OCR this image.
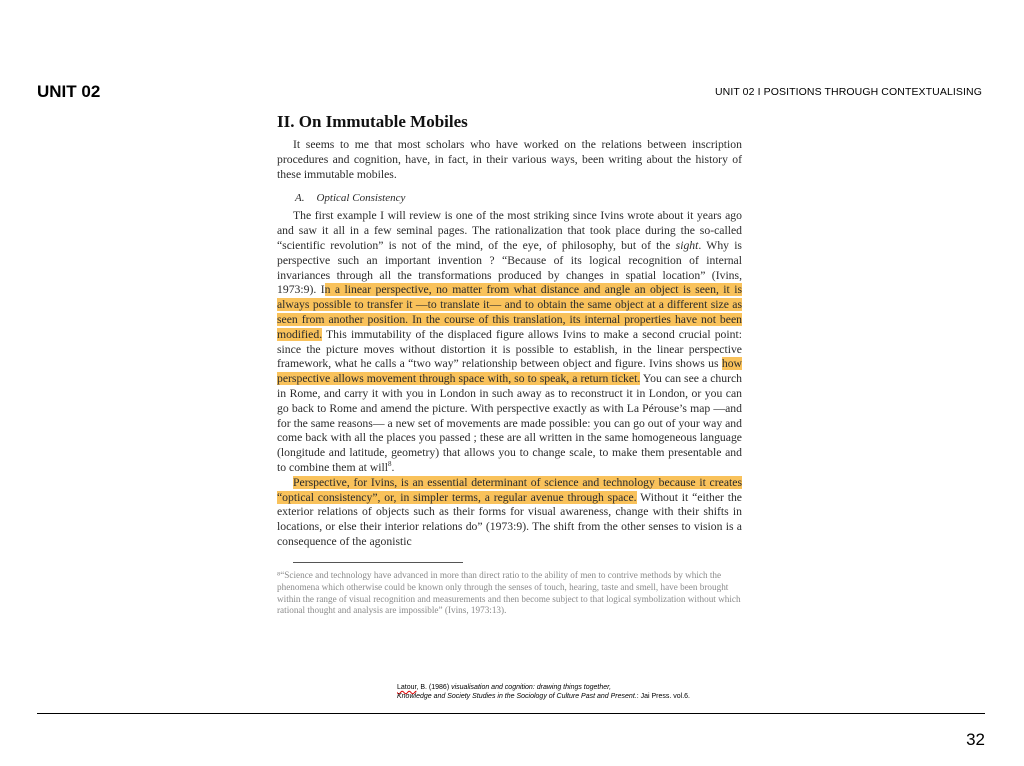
UNIT 02	UNIT 02 I POSITIONS THROUGH CONTEXTUALISING
II. On Immutable Mobiles

It seems to me that most scholars who have worked on the relations between inscription procedures and cognition, have, in fact, in their various ways, been writing about the history of these immutable mobiles.

A. Optical Consistency

The first example I will review is one of the most striking since Ivins wrote about it years ago and saw it all in a few seminal pages. The rationalization that took place during the so-called “scientific revolution” is not of the mind, of the eye, of philosophy, but of the sight. Why is perspective such an important invention ? “Because of its logical recognition of internal invariances through all the transformations produced by changes in spatial location” (Ivins, 1973:9). In a linear perspective, no matter from what distance and angle an object is seen, it is always possible to transfer it —to translate it— and to obtain the same object at a different size as seen from another position. In the course of this translation, its internal properties have not been modified. This immutability of the displaced figure allows Ivins to make a second crucial point: since the picture moves without distortion it is possible to establish, in the linear perspective framework, what he calls a “two way” relationship between object and figure. Ivins shows us how perspective allows movement through space with, so to speak, a return ticket. You can see a church in Rome, and carry it with you in London in such away as to reconstruct it in London, or you can go back to Rome and amend the picture. With perspective exactly as with La Pérouse’s map —and for the same reasons— a new set of movements are made possible: you can go out of your way and come back with all the places you passed ; these are all written in the same homogeneous language (longitude and latitude, geometry) that allows you to change scale, to make them presentable and to combine them at will$^8$.

Perspective, for Ivins, is an essential determinant of science and technology because it creates “optical consistency”, or, in simpler terms, a regular avenue through space. Without it “either the exterior relations of objects such as their forms for visual awareness, change with their shifts in locations, or else their interior relations do” (1973:9). The shift from the other senses to vision is a consequence of the agonistic

⁸“Science and technology have advanced in more than direct ratio to the ability of men to contrive methods by which the phenomena which otherwise could be known only through the senses of touch, hearing, taste and smell, have been brought within the range of visual recognition and measurements and then become subject to that logical symbolization without which rational thought and analysis are impossible” (Ivins, 1973:13).

Latour, B. (1986) visualisation and cognition: drawing things together,
Knowledge and Society Studies in the Sociology of Culture Past and Present.: Jai Press. vol.6.
32
